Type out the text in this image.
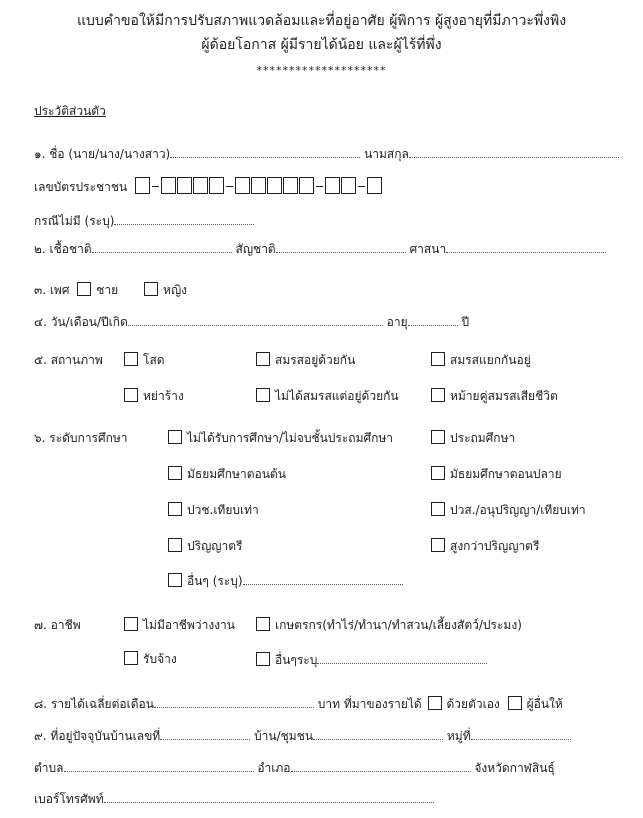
แบบคำขอให้มีการปรับสภาพแวดล้อมและที่อยู่อาศัย ผู้พิการ ผู้สูงอายุที่มีภาวะพึ่งพิง
ผู้ด้อยโอกาส ผู้มีรายได้น้อย และผู้ไร้ที่พึ่ง
********************
ประวัติส่วนตัว
๑. ชื่อ (นาย/นาง/นางสาว)	นามสกุล
เลขบัตรประชาชน
กรณีไม่มี (ระบุ)
๒. เชื้อชาติ	สัญชาติ	ศาสนา
๓. เพศ ชาย	หญิง
๔. วัน/เดือน/ปีเกิด	อายุ	ปี
๕. สถานภาพ	โสด	สมรสอยู่ด้วยกัน	สมรสแยกกันอยู่
หย่าร้าง	ไม่ได้สมรสแต่อยู่ด้วยกัน	หม้ายคู่สมรสเสียชีวิต
๖. ระดับการศึกษา	ไม่ได้รับการศึกษา/ไม่จบชั้นประถมศึกษา	ประถมศึกษา
มัธยมศึกษาตอนต้น	มัธยมศึกษาตอนปลาย
ปวช.เทียบเท่า	ปวส./อนุปริญญา/เทียบเท่า
ปริญญาตรี	สูงกว่าปริญญาตรี
อื่นๆ (ระบุ)
๗. อาชีพ	ไม่มีอาชีพว่างงาน	เกษตรกร(ทำไร่/ทำนา/ทำสวน/เลี้ยงสัตว์/ประมง)
รับจ้าง	อื่นๆระบุ
๘. รายได้เฉลี่ยต่อเดือน	บาท ที่มาของรายได้ ด้วยตัวเอง ผู้อื่นให้
๙. ที่อยู่ปัจจุบันบ้านเลขที่	บ้าน/ชุมชน	หมู่ที่
ตำบล	อำเภอ	จังหวัดกาฬสินธุ์
เบอร์โทรศัพท์
